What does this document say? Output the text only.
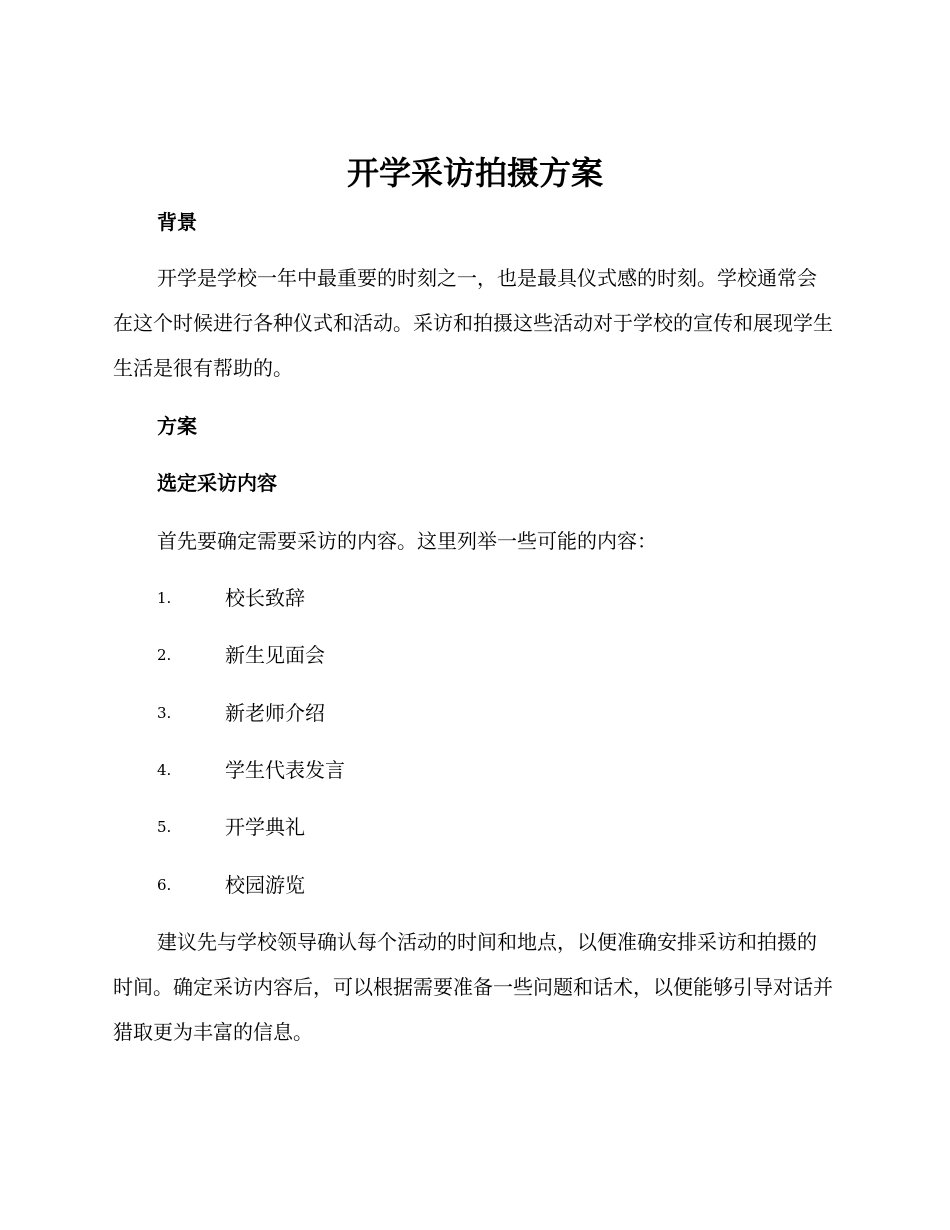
开学采访拍摄方案
背景

开学是学校一年中最重要的时刻之一，也是最具仪式感的时刻。学校通常会在这个时候进行各种仪式和活动。采访和拍摄这些活动对于学校的宣传和展现学生生活是很有帮助的。

方案
选定采访内容

首先要确定需要采访的内容。这里列举一些可能的内容：

1.	校长致辞
2.	新生见面会
3.	新老师介绍
4.	学生代表发言
5.	开学典礼
6.	校园游览

建议先与学校领导确认每个活动的时间和地点，以便准确安排采访和拍摄的时间。确定采访内容后，可以根据需要准备一些问题和话术，以便能够引导对话并猎取更为丰富的信息。
